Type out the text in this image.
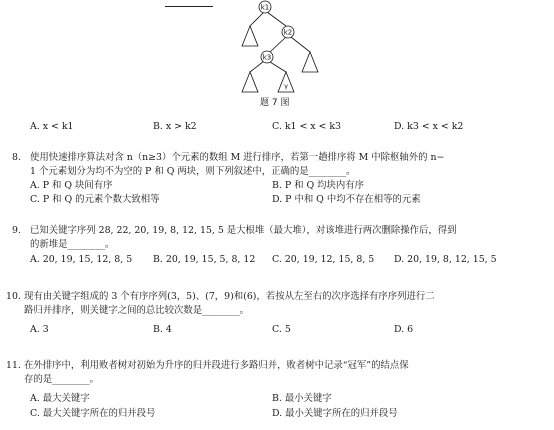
k1
k2
k3
γ
题 7 图
A. x < k1	B. x > k2	C. k1 < x < k3	D. k3 < x < k2
8. 使用快速排序算法对含 n（n≥3）个元素的数组 M 进行排序，若第一趟排序将 M 中除枢轴外的 n−
1 个元素划分为均不为空的 P 和 Q 两块，则下列叙述中，正确的是________。
A. P 和 Q 块间有序	B. P 和 Q 均块内有序
C. P 和 Q 的元素个数大致相等	D. P 中和 Q 中均不存在相等的元素
9. 已知关键字序列 28, 22, 20, 19, 8, 12, 15, 5 是大根堆（最大堆），对该堆进行两次删除操作后，得到
的新堆是________。
A. 20, 19, 15, 12, 8, 5 B. 20, 19, 15, 5, 8, 12 C. 20, 19, 12, 15, 8, 5 D. 20, 19, 8, 12, 15, 5
10. 现有由关键字组成的 3 个有序序列(3，5)、(7，9)和(6)，若按从左至右的次序选择有序序列进行二
路归并排序，则关键字之间的总比较次数是________。
A. 3	B. 4	C. 5	D. 6
11. 在外排序中，利用败者树对初始为升序的归并段进行多路归并，败者树中记录“冠军”的结点保
存的是________。
A. 最大关键字	B. 最小关键字
C. 最大关键字所在的归并段号	D. 最小关键字所在的归并段号
